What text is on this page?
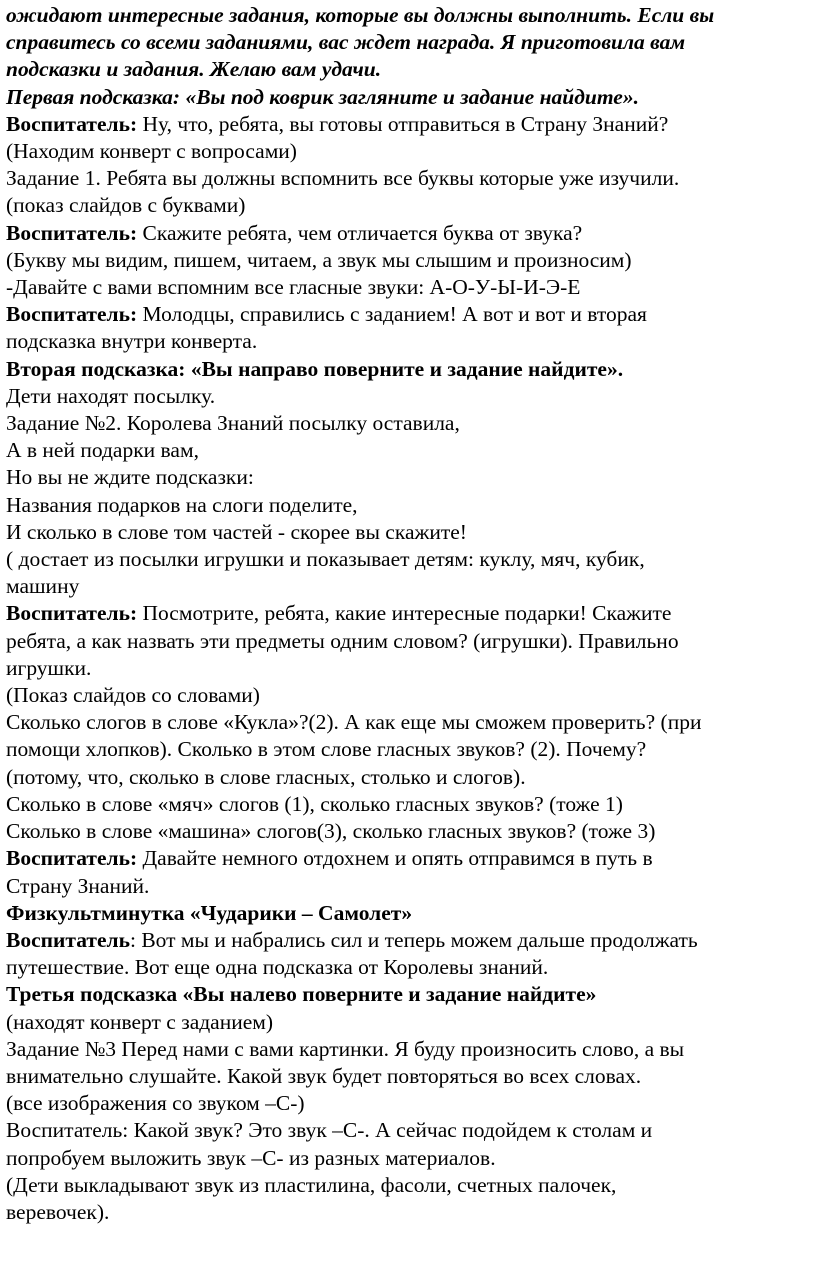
ожидают интересные задания, которые вы должны выполнить. Если вы

справитесь со всеми заданиями, вас ждет награда. Я приготовила вам

подсказки и задания. Желаю вам удачи.

Первая подсказка: «Вы под коврик загляните и задание найдите».

Воспитатель: Ну, что, ребята, вы готовы отправиться в Страну Знаний?

(Находим конверт с вопросами)

Задание 1. Ребята вы должны вспомнить все буквы которые уже изучили.

(показ слайдов с буквами)

Воспитатель: Скажите ребята, чем отличается буква от звука?

(Букву мы видим, пишем, читаем, а звук мы слышим и произносим)

-Давайте с вами вспомним все гласные звуки: А-О-У-Ы-И-Э-Е

Воспитатель: Молодцы, справились с заданием! А вот и вот и вторая

подсказка внутри конверта.

Вторая подсказка: «Вы направо поверните и задание найдите».

Дети находят посылку.

Задание №2. Королева Знаний посылку оставила,

А в ней подарки вам,

Но вы не ждите подсказки:

Названия подарков на слоги поделите,

И сколько в слове том частей - скорее вы скажите!

( достает из посылки игрушки и показывает детям: куклу, мяч, кубик,

машину

Воспитатель: Посмотрите, ребята, какие интересные подарки! Скажите

ребята, а как назвать эти предметы одним словом? (игрушки). Правильно

игрушки.

(Показ слайдов со словами)

Сколько слогов в слове «Кукла»?(2). А как еще мы сможем проверить? (при

помощи хлопков). Сколько в этом слове гласных звуков? (2). Почему?

(потому, что, сколько в слове гласных, столько и слогов).

Сколько в слове «мяч» слогов (1), сколько гласных звуков? (тоже 1)

Сколько в слове «машина» слогов(3), сколько гласных звуков? (тоже 3)

Воспитатель: Давайте немного отдохнем и опять отправимся в путь в

Страну Знаний.

Физкультминутка «Чударики – Самолет»

Воспитатель: Вот мы и набрались сил и теперь можем дальше продолжать

путешествие. Вот еще одна подсказка от Королевы знаний.

Третья подсказка «Вы налево поверните и задание найдите»

(находят конверт с заданием)

Задание №3 Перед нами с вами картинки. Я буду произносить слово, а вы

внимательно слушайте. Какой звук будет повторяться во всех словах.

(все изображения со звуком –С-)

Воспитатель: Какой звук? Это звук –С-. А сейчас подойдем к столам и

попробуем выложить звук –С- из разных материалов.

(Дети выкладывают звук из пластилина, фасоли, счетных палочек,

веревочек).
